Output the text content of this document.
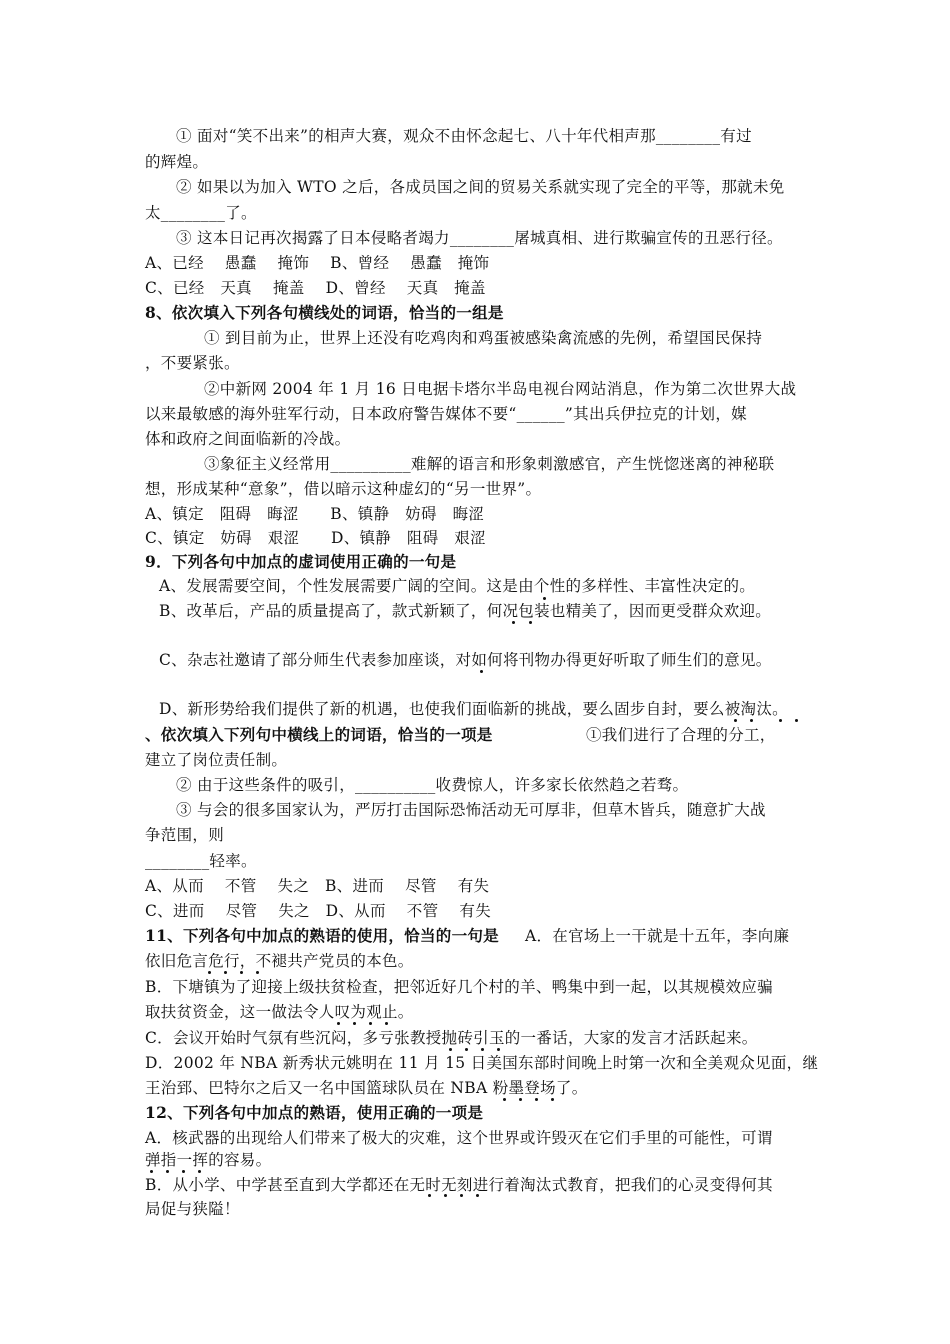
① 面对“笑不出来”的相声大赛，观众不由怀念起七、八十年代相声那________有过
的辉煌。
② 如果以为加入 WTO 之后，各成员国之间的贸易关系就实现了完全的平等，那就未免
太________了。
③ 这本日记再次揭露了日本侵略者竭力________屠城真相、进行欺骗宣传的丑恶行径。
A、已经　 愚蠢　 掩饰　 B、曾经　 愚蠢　掩饰
C、已经　天真　 掩盖　 D、曾经　 天真　掩盖
8、依次填入下列各句横线处的词语，恰当的一组是
① 到目前为止，世界上还没有吃鸡肉和鸡蛋被感染禽流感的先例，希望国民保持
，不要紧张。
②中新网 2004 年 1 月 16 日电据卡塔尔半岛电视台网站消息，作为第二次世界大战
以来最敏感的海外驻军行动，日本政府警告媒体不要“______”其出兵伊拉克的计划，媒
体和政府之间面临新的冷战。
③象征主义经常用__________难解的语言和形象刺激感官，产生恍惚迷离的神秘联
想，形成某种“意象”，借以暗示这种虚幻的“另一世界”。
A、镇定　阻碍　晦涩　　B、镇静　妨碍　晦涩
C、镇定　妨碍　艰涩　　D、镇静　阻碍　艰涩
9．下列各句中加点的虚词使用正确的一句是
A、发展需要空间，个性发展需要广阔的空间。这是由个性的多样性、丰富性决定的。
B、改革后，产品的质量提高了，款式新颖了，何况包装也精美了，因而更受群众欢迎。
C、杂志社邀请了部分师生代表参加座谈，对如何将刊物办得更好听取了师生们的意见。
D、新形势给我们提供了新的机遇，也使我们面临新的挑战，要么固步自封，要么被淘汰。
、依次填入下列句中横线上的词语，恰当的一项是	①我们进行了合理的分工，
建立了岗位责任制。
② 由于这些条件的吸引，__________收费惊人，许多家长依然趋之若骛。
③ 与会的很多国家认为，严厉打击国际恐怖活动无可厚非，但草木皆兵，随意扩大战
争范围，则
________轻率。
A、从而　 不管　 失之　B、进而　 尽管　 有失
C、进而　 尽管　 失之　D、从而　 不管　 有失
11、下列各句中加点的熟语的使用，恰当的一句是 A．在官场上一干就是十五年，李向廉
依旧危言危行，不褪共产党员的本色。
B．下塘镇为了迎接上级扶贫检查，把邻近好几个村的羊、鸭集中到一起，以其规模效应骗
取扶贫资金，这一做法令人叹为观止。
C．会议开始时气氛有些沉闷，多亏张教授抛砖引玉的一番话，大家的发言才活跃起来。
D．2002 年 NBA 新秀状元姚明在 11 月 15 日美国东部时间晚上时第一次和全美观众见面，继
王治郅、巴特尔之后又一名中国篮球队员在 NBA 粉墨登场了。
12、下列各句中加点的熟语，使用正确的一项是
A．核武器的出现给人们带来了极大的灾难，这个世界或许毁灭在它们手里的可能性，可谓
弹指一挥的容易。
B．从小学、中学甚至直到大学都还在无时无刻进行着淘汰式教育，把我们的心灵变得何其
局促与狭隘！
